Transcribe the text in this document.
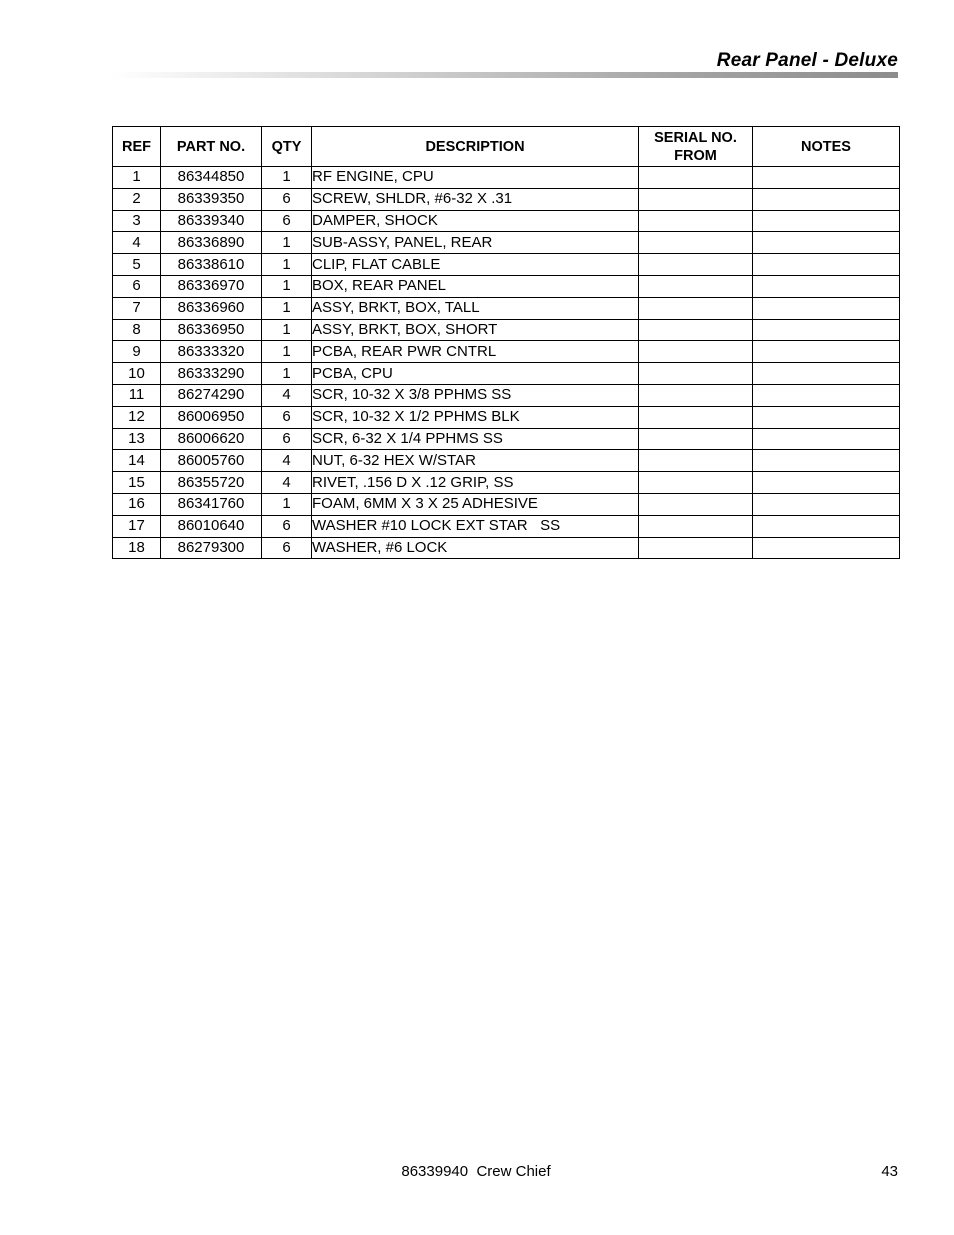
Rear Panel - Deluxe
REF	PART NO.	QTY	DESCRIPTION	SERIAL NO. FROM	NOTES
1	86344850	1	RF ENGINE, CPU		
2	86339350	6	SCREW, SHLDR, #6-32 X .31		
3	86339340	6	DAMPER, SHOCK		
4	86336890	1	SUB-ASSY, PANEL, REAR		
5	86338610	1	CLIP, FLAT CABLE		
6	86336970	1	BOX, REAR PANEL		
7	86336960	1	ASSY, BRKT, BOX, TALL		
8	86336950	1	ASSY, BRKT, BOX, SHORT		
9	86333320	1	PCBA, REAR PWR CNTRL		
10	86333290	1	PCBA, CPU		
11	86274290	4	SCR, 10-32 X 3/8 PPHMS SS		
12	86006950	6	SCR, 10-32 X 1/2 PPHMS BLK		
13	86006620	6	SCR, 6-32 X 1/4 PPHMS SS		
14	86005760	4	NUT, 6-32 HEX W/STAR		
15	86355720	4	RIVET, .156 D X .12 GRIP, SS		
16	86341760	1	FOAM, 6MM X 3 X 25 ADHESIVE		
17	86010640	6	WASHER #10 LOCK EXT STAR   SS		
18	86279300	6	WASHER, #6 LOCK		
86339940 Crew Chief	43
